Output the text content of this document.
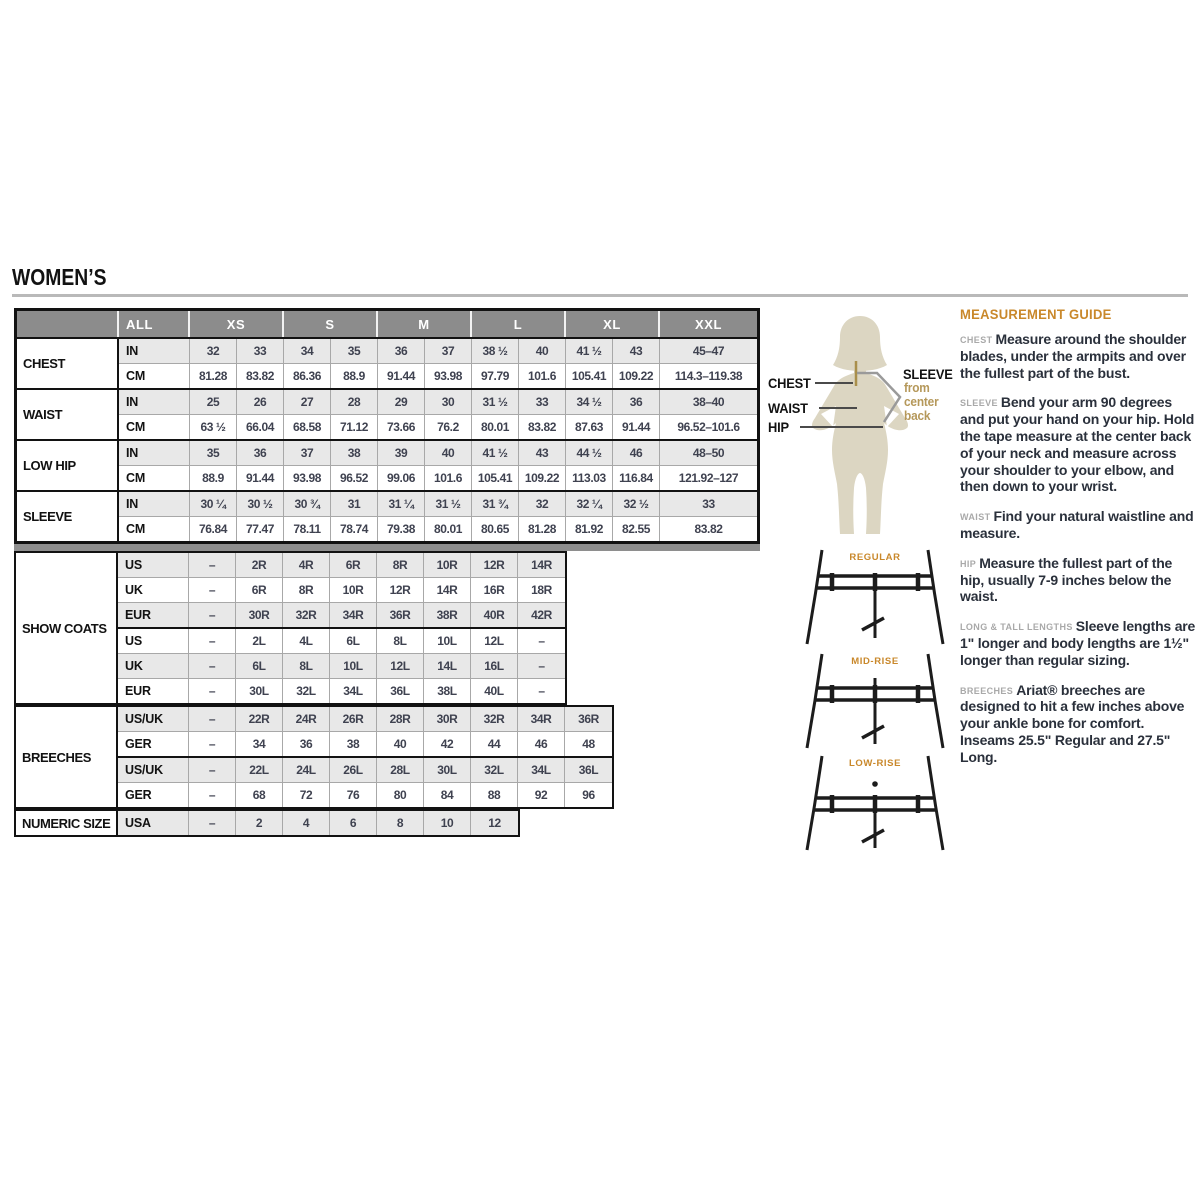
WOMEN’S
ALL	XS	S	M	L	XL	XXL
CHEST
IN	32	33	34	35	36	37	38 ½	40	41 ½	43	45–47
CM	81.28	83.82	86.36	88.9	91.44	93.98	97.79	101.6	105.41	109.22	114.3–119.38
WAIST
IN	25	26	27	28	29	30	31 ½	33	34 ½	36	38–40
CM	63 ½	66.04	68.58	71.12	73.66	76.2	80.01	83.82	87.63	91.44	96.52–101.6
LOW HIP
IN	35	36	37	38	39	40	41 ½	43	44 ½	46	48–50
CM	88.9	91.44	93.98	96.52	99.06	101.6	105.41	109.22	113.03	116.84	121.92–127
SLEEVE
IN	30 ¼	30 ½	30 ¾	31	31 ¼	31 ½	31 ¾	32	32 ¼	32 ½	33
CM	76.84	77.47	78.11	78.74	79.38	80.01	80.65	81.28	81.92	82.55	83.82
SHOW COATS
US	–	2R	4R	6R	8R	10R	12R	14R
UK	–	6R	8R	10R	12R	14R	16R	18R
EUR	–	30R	32R	34R	36R	38R	40R	42R
US	–	2L	4L	6L	8L	10L	12L	–
UK	–	6L	8L	10L	12L	14L	16L	–
EUR	–	30L	32L	34L	36L	38L	40L	–
BREECHES
US/UK	–	22R	24R	26R	28R	30R	32R	34R	36R
GER	–	34	36	38	40	42	44	46	48
US/UK	–	22L	24L	26L	28L	30L	32L	34L	36L
GER	–	68	72	76	80	84	88	92	96
NUMERIC SIZE	USA	–	2	4	6	8	10	12
CHEST
WAIST
HIP
SLEEVE
from center back
REGULAR
MID-RISE
LOW-RISE

MEASUREMENT GUIDE

CHEST Measure around the shoulder blades, under the armpits and over the fullest part of the bust.

SLEEVE Bend your arm 90 degrees and put your hand on your hip. Hold the tape measure at the center back of your neck and measure across your shoulder to your elbow, and then down to your wrist.

WAIST Find your natural waistline and measure.

HIP Measure the fullest part of the hip, usually 7-9 inches below the waist.

LONG & TALL LENGTHS Sleeve lengths are 1" longer and body lengths are 1½" longer than regular sizing.

BREECHES Ariat® breeches are designed to hit a few inches above your ankle bone for comfort. Inseams 25.5" Regular and 27.5" Long.
